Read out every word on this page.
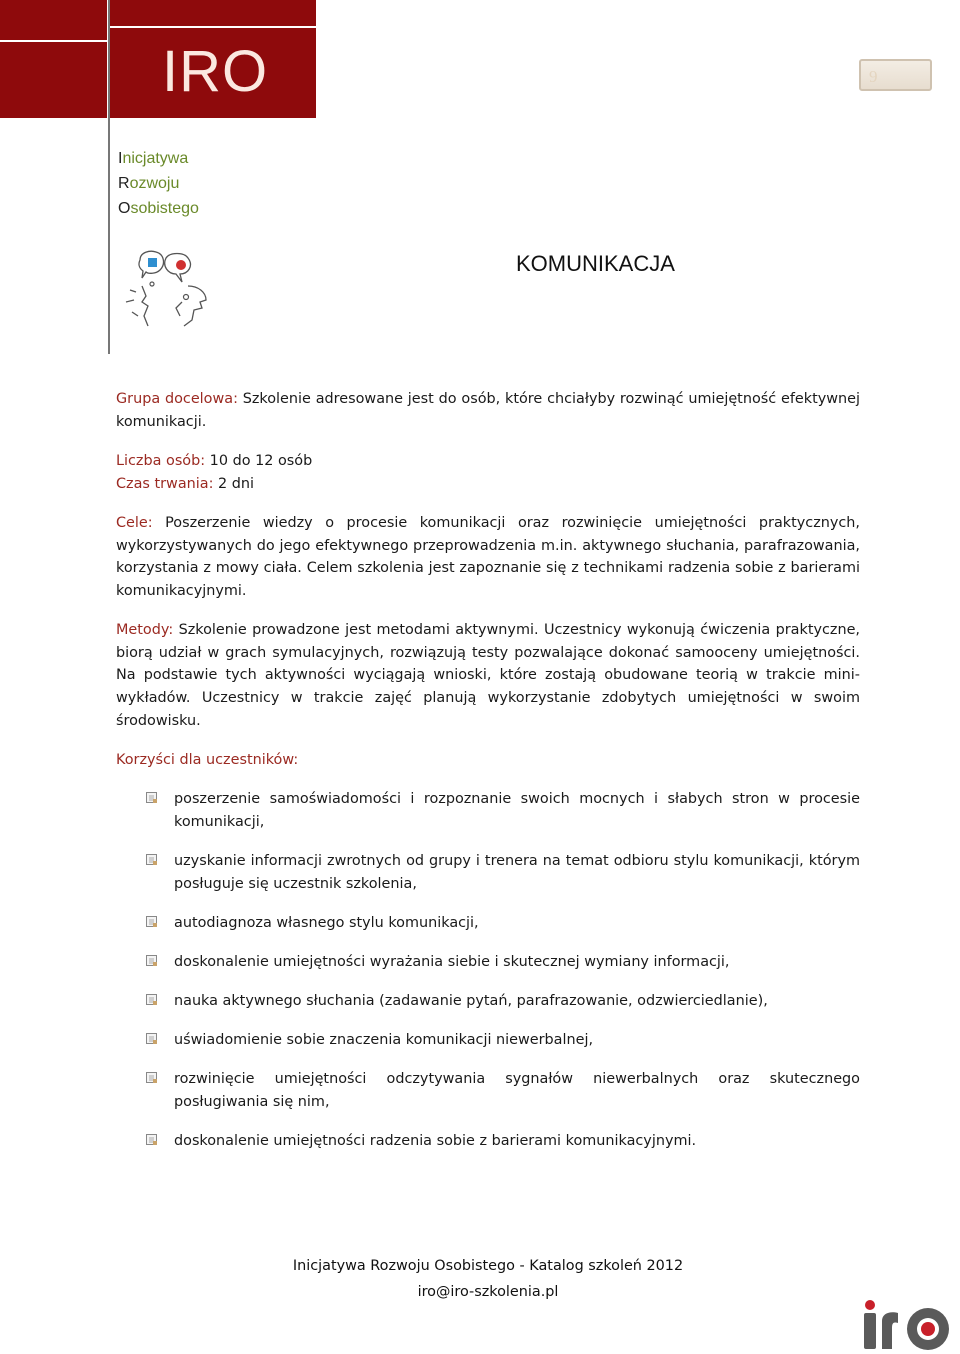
IRO	9
Inicjatywa
Rozwoju
Osobistego
KOMUNIKACJA
Grupa docelowa: Szkolenie adresowane jest do osób, które chciałyby rozwinąć umiejętność efektywnej komunikacji.
Liczba osób: 10 do 12 osób
Czas trwania: 2 dni
Cele: Poszerzenie wiedzy o procesie komunikacji oraz rozwinięcie umiejętności praktycznych, wykorzystywanych do jego efektywnego przeprowadzenia m.in. aktywnego słuchania, parafrazowania, korzystania z mowy ciała. Celem szkolenia jest zapoznanie się z technikami radzenia sobie z barierami komunikacyjnymi.
Metody: Szkolenie prowadzone jest metodami aktywnymi. Uczestnicy wykonują ćwiczenia praktyczne, biorą udział w grach symulacyjnych, rozwiązują testy pozwalające dokonać samooceny umiejętności. Na podstawie tych aktywności wyciągają wnioski, które zostają obudowane teorią w trakcie mini-wykładów. Uczestnicy w trakcie zajęć planują wykorzystanie zdobytych umiejętności w swoim środowisku.
Korzyści dla uczestników:
poszerzenie samoświadomości i rozpoznanie swoich mocnych i słabych stron w procesie komunikacji,
uzyskanie informacji zwrotnych od grupy i trenera na temat odbioru stylu komunikacji, którym posługuje się uczestnik szkolenia,
autodiagnoza własnego stylu komunikacji,
doskonalenie umiejętności wyrażania siebie i skutecznej wymiany informacji,
nauka aktywnego słuchania (zadawanie pytań, parafrazowanie, odzwierciedlanie),
uświadomienie sobie znaczenia komunikacji niewerbalnej,
rozwinięcie umiejętności odczytywania sygnałów niewerbalnych oraz skutecznego posługiwania się nim,
doskonalenie umiejętności radzenia sobie z barierami komunikacyjnymi.
Inicjatywa Rozwoju Osobistego - Katalog szkoleń 2012
iro@iro-szkolenia.pl
